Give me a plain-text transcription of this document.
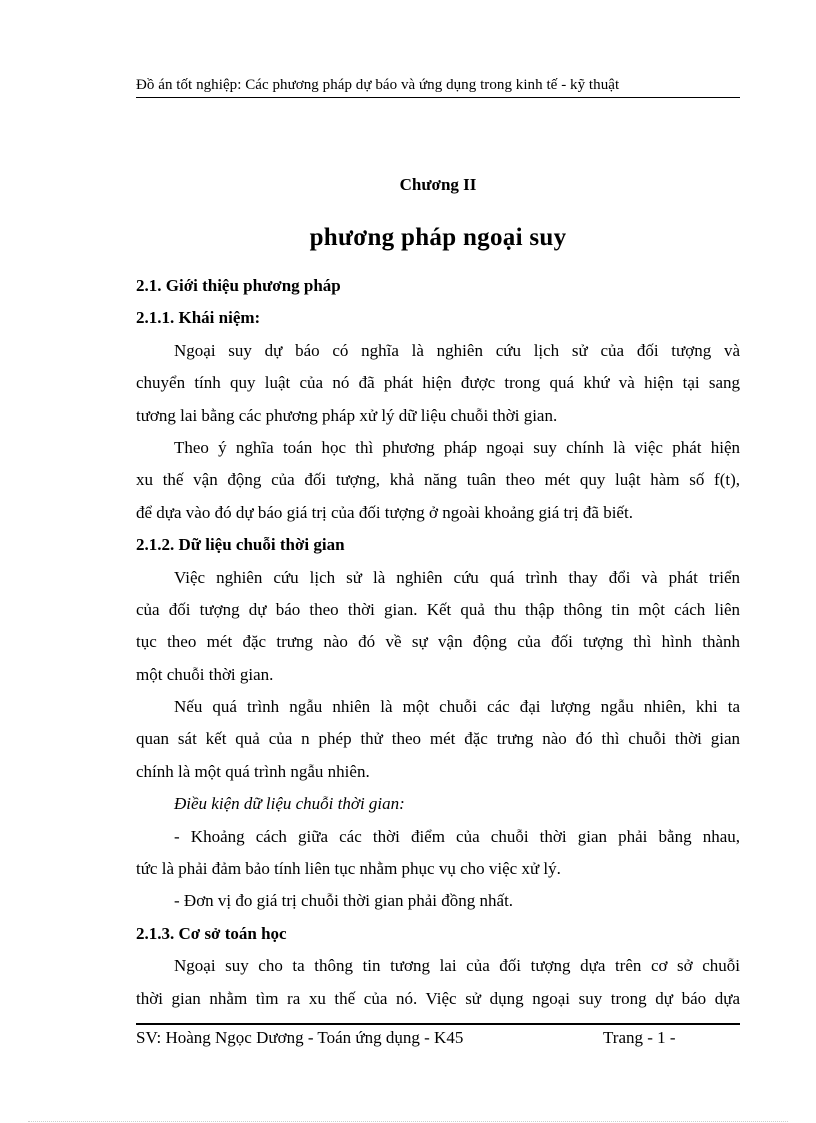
Đồ án tốt nghiệp: Các phương pháp dự báo và ứng dụng trong kinh tế - kỹ thuật
Chương II
phương pháp ngoại suy
2.1. Giới thiệu phương pháp
2.1.1. Khái niệm:
Ngoại suy dự báo có nghĩa là nghiên cứu lịch sử của đối tượng và
chuyển tính quy luật của nó đã phát hiện được trong quá khứ và hiện tại sang
tương lai bằng các phương pháp xử lý dữ liệu chuỗi thời gian.
Theo ý nghĩa toán học thì phương pháp ngoại suy chính là việc phát hiện
xu thế vận động của đối tượng, khả năng tuân theo mét quy luật hàm số f(t),
để dựa vào đó dự báo giá trị của đối tượng ở ngoài khoảng giá trị đã biết.
2.1.2. Dữ liệu chuỗi thời gian
Việc nghiên cứu lịch sử là nghiên cứu quá trình thay đổi và phát triển
của đối tượng dự báo theo thời gian. Kết quả thu thập thông tin một cách liên
tục theo mét đặc trưng nào đó về sự vận động của đối tượng thì hình thành
một chuỗi thời gian.
Nếu quá trình ngẫu nhiên là một chuỗi các đại lượng ngẫu nhiên, khi ta
quan sát kết quả của n phép thử theo mét đặc trưng nào đó thì chuỗi thời gian
chính là một quá trình ngẫu nhiên.
Điều kiện dữ liệu chuỗi thời gian:
- Khoảng cách giữa các thời điểm của chuỗi thời gian phải bằng nhau,
tức là phải đảm bảo tính liên tục nhằm phục vụ cho việc xử lý.
- Đơn vị đo giá trị chuỗi thời gian phải đồng nhất.
2.1.3. Cơ sở toán học
Ngoại suy cho ta thông tin tương lai của đối tượng dựa trên cơ sở chuỗi
thời gian nhằm tìm ra xu thế của nó. Việc sử dụng ngoại suy trong dự báo dựa
SV: Hoàng Ngọc Dương - Toán ứng dụng - K45	Trang - 1 -
